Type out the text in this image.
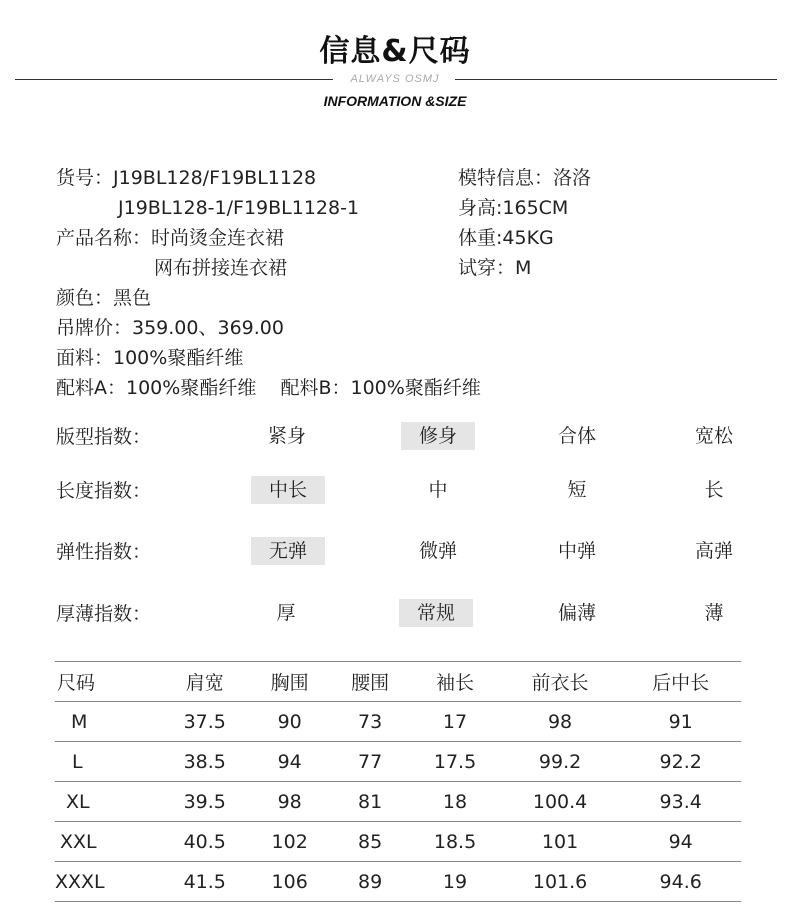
信息&尺码
ALWAYS OSMJ
INFORMATION &SIZE
货号：J19BL128/F19BL1128
J19BL128-1/F19BL1128-1
产品名称：时尚烫金连衣裙
网布拼接连衣裙
颜色：黑色
吊牌价：359.00、369.00
面料：100%聚酯纤维
配料A：100%聚酯纤维    配料B：100%聚酯纤维
模特信息：洛洛
身高:165CM
体重:45KG
试穿：M
版型指数：	紧身	修身	合体	宽松
长度指数：	中长	中	短	长
弹性指数：	无弹	微弹	中弹	高弹
厚薄指数：	厚	常规	偏薄	薄
尺码	肩宽	胸围	腰围	袖长	前衣长	后中长
M	37.5	90	73	17	98	91
L	38.5	94	77	17.5	99.2	92.2
XL	39.5	98	81	18	100.4	93.4
XXL	40.5	102	85	18.5	101	94
XXXL	41.5	106	89	19	101.6	94.6
